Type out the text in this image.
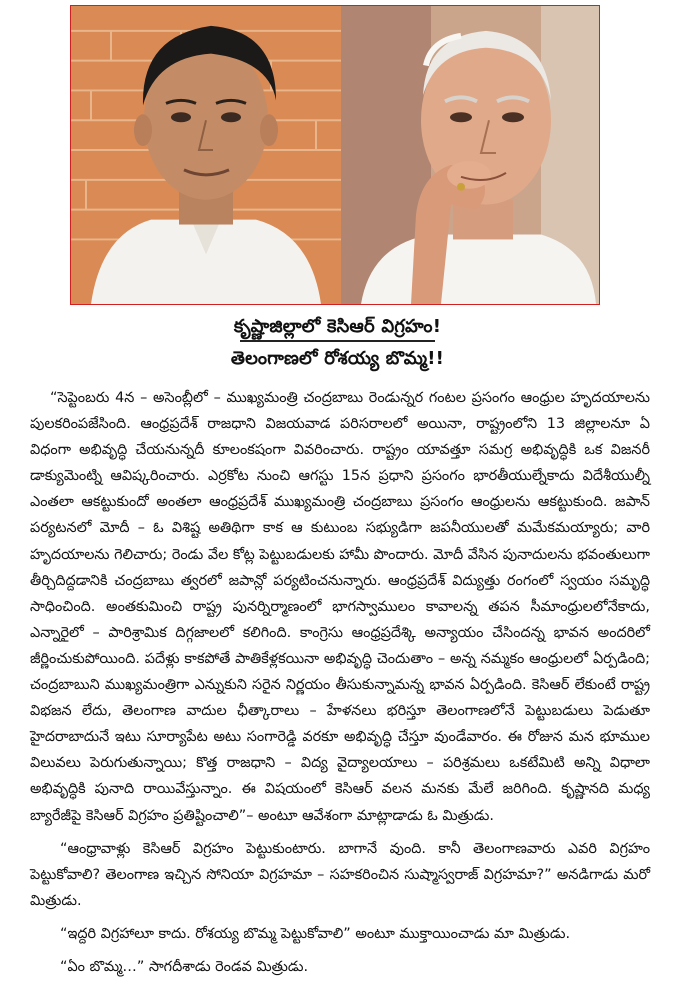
కృష్ణాజిల్లాలో కెసిఆర్ విగ్రహం!
తెలంగాణలో రోశయ్య బొమ్మ!!

“సెప్టెంబరు 4న – అసెంబ్లీలో – ముఖ్యమంత్రి చంద్రబాబు రెండున్నర గంటల ప్రసంగం ఆంధ్రుల హృదయాలను పులకరింపజేసింది. ఆంధ్రప్రదేశ్ రాజధాని విజయవాడ పరిసరాలలో అయినా, రాష్ట్రంలోని 13 జిల్లాలనూ ఏ విధంగా అభివృద్ధి చేయనున్నదీ కూలంకషంగా వివరించారు. రాష్ట్రం యావత్తూ సమగ్ర అభివృద్ధికి ఒక విజనరీ డాక్యుమెంట్ని ఆవిష్కరించారు. ఎర్రకోట నుంచి ఆగస్టు 15న ప్రధాని ప్రసంగం భారతీయుల్నేకాదు విదేశీయుల్నీ ఎంతలా ఆకట్టుకుందో అంతలా ఆంధ్రప్రదేశ్ ముఖ్యమంత్రి చంద్రబాబు ప్రసంగం ఆంధ్రులను ఆకట్టుకుంది. జపాన్ పర్యటనలో మోదీ – ఓ విశిష్ట అతిథిగా కాక ఆ కుటుంబ సభ్యుడిగా జపనీయులతో మమేకమయ్యారు; వారి హృదయాలను గెలిచారు; రెండు వేల కోట్ల పెట్టుబడులకు హామీ పొందారు. మోదీ వేసిన పునాదులను భవంతులుగా తీర్చిదిద్దడానికి చంద్రబాబు త్వరలో జపాన్లో పర్యటించనున్నారు. ఆంధ్రప్రదేశ్ విద్యుత్తు రంగంలో స్వయం సమృద్ధి సాధించింది. అంతకుమించి రాష్ట్ర పునర్నిర్మాణంలో భాగస్వాములం కావాలన్న తపన సీమాంధ్రులలోనేకాదు, ఎన్నారైలో – పారిశ్రామిక దిగ్గజాలలో కలిగింది. కాంగ్రెసు ఆంధ్రప్రదేశ్కి అన్యాయం చేసిందన్న భావన అందరిలో జీర్ణించుకుపోయింది. పదేళ్లు కాకపోతే పాతికేళ్లకయినా అభివృద్ధి చెందుతాం – అన్న నమ్మకం ఆంధ్రులలో ఏర్పడింది; చంద్రబాబుని ముఖ్యమంత్రిగా ఎన్నుకుని సరైన నిర్ణయం తీసుకున్నామన్న భావన ఏర్పడింది. కెసిఆర్ లేకుంటే రాష్ట్ర విభజన లేదు, తెలంగాణ వాదుల ఛీత్కారాలు – హేళనలు భరిస్తూ తెలంగాణలోనే పెట్టుబడులు పెడుతూ హైదరాబాదునే ఇటు సూర్యాపేట అటు సంగారెడ్డి వరకూ అభివృద్ధి చేస్తూ వుండేవారం. ఈ రోజున మన భూముల విలువలు పెరుగుతున్నాయి; కొత్త రాజధాని – విద్య వైద్యాలయాలు – పరిశ్రమలు ఒకటేమిటి అన్ని విధాలా అభివృద్ధికి పునాది రాయివేస్తున్నాం. ఈ విషయంలో కెసిఆర్ వలన మనకు మేలే జరిగింది. కృష్ణానది మధ్య బ్యారేజీపై కెసిఆర్ విగ్రహం ప్రతిష్టించాలి”– అంటూ ఆవేశంగా మాట్లాడాడు ఓ మిత్రుడు.

“ఆంధ్రావాళ్లు కెసిఆర్ విగ్రహం పెట్టుకుంటారు. బాగానే వుంది. కానీ తెలంగాణవారు ఎవరి విగ్రహం పెట్టుకోవాలి? తెలంగాణ ఇచ్చిన సోనియా విగ్రహమా – సహకరించిన సుష్మాస్వరాజ్ విగ్రహమా?” అనడిగాడు మరో మిత్రుడు.

“ఇద్దరి విగ్రహాలూ కాదు. రోశయ్య బొమ్మ పెట్టుకోవాలి” అంటూ ముక్తాయించాడు మా మిత్రుడు.

“ఏం బొమ్మ…” సాగదీశాడు రెండవ మిత్రుడు.
